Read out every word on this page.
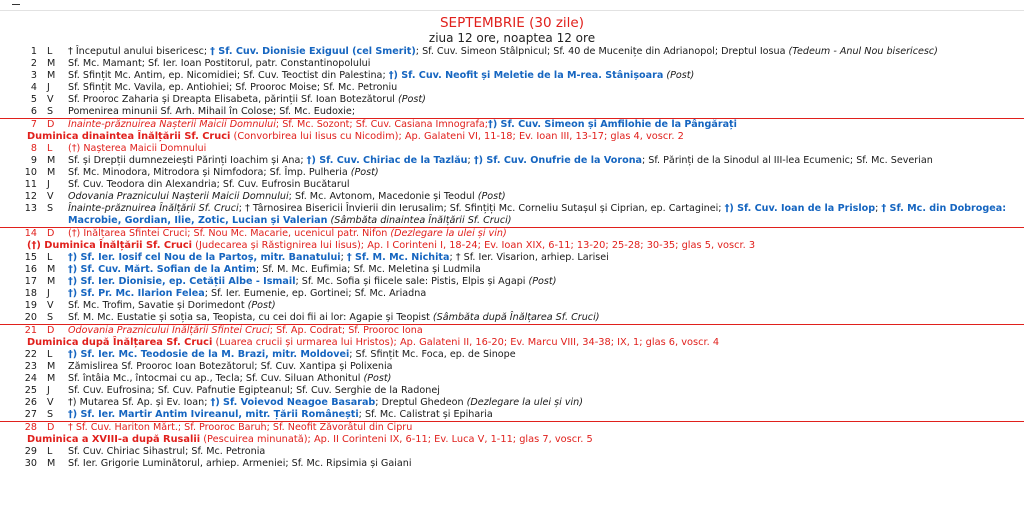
SEPTEMBRIE (30 zile)
ziua 12 ore, noaptea 12 ore
1 L † Începutul anului bisericesc; † Sf. Cuv. Dionisie Exiguul (cel Smerit); Sf. Cuv. Simeon Stâlpnicul; Sf. 40 de Mucenițe din Adrianopol; Dreptul Iosua (Tedeum - Anul Nou bisericesc)
2 M Sf. Mc. Mamant; Sf. Ier. Ioan Postitorul, patr. Constantinopolului
3 M Sf. Sfințit Mc. Antim, ep. Nicomidiei; Sf. Cuv. Teoctist din Palestina; †) Sf. Cuv. Neofit și Meletie de la M-rea. Stânișoara (Post)
4 J Sf. Sfințit Mc. Vavila, ep. Antiohiei; Sf. Prooroc Moise; Sf. Mc. Petroniu
5 V Sf. Prooroc Zaharia și Dreapta Elisabeta, părinții Sf. Ioan Botezătorul (Post)
6 S Pomenirea minunii Sf. Arh. Mihail în Colose; Sf. Mc. Eudoxie;
7 D Înainte-prăznuirea Nașterii Maicii Domnului; Sf. Mc. Sozont; Sf. Cuv. Casiana Imnografa;†) Sf. Cuv. Simeon și Amfilohie de la Pângărați
Duminica dinaintea Înălțării Sf. Cruci (Convorbirea lui Iisus cu Nicodim); Ap. Galateni VI, 11-18; Ev. Ioan III, 13-17; glas 4, voscr. 2
8 L (†) Nașterea Maicii Domnului
9 M Sf. și Drepții dumnezeiești Părinți Ioachim și Ana; †) Sf. Cuv. Chiriac de la Tazlău; †) Sf. Cuv. Onufrie de la Vorona; Sf. Părinți de la Sinodul al III-lea Ecumenic; Sf. Mc. Severian
10 M Sf. Mc. Minodora, Mitrodora și Nimfodora; Sf. Împ. Pulheria (Post)
11 J Sf. Cuv. Teodora din Alexandria; Sf. Cuv. Eufrosin Bucătarul
12 V Odovania Praznicului Nașterii Maicii Domnului; Sf. Mc. Avtonom, Macedonie și Teodul (Post)
13 S Înainte-prăznuirea Înălțării Sf. Cruci; † Târnosirea Bisericii Învierii din Ierusalim; Sf. Sfințiți Mc. Corneliu Sutașul și Ciprian, ep. Cartaginei; †) Sf. Cuv. Ioan de la Prislop; † Sf. Mc. din Dobrogea: Macrobie, Gordian, Ilie, Zotic, Lucian și Valerian (Sâmbăta dinaintea Înălțării Sf. Cruci)
14 D (†) Înălțarea Sfintei Cruci; Sf. Nou Mc. Macarie, ucenicul patr. Nifon (Dezlegare la ulei și vin)
(†) Duminica Înălțării Sf. Cruci (Judecarea și Răstignirea lui Iisus); Ap. I Corinteni I, 18-24; Ev. Ioan XIX, 6-11; 13-20; 25-28; 30-35; glas 5, voscr. 3
15 L †) Sf. Ier. Iosif cel Nou de la Partoș, mitr. Banatului; † Sf. M. Mc. Nichita; † Sf. Ier. Visarion, arhiep. Larisei
16 M †) Sf. Cuv. Mărt. Sofian de la Antim; Sf. M. Mc. Eufimia; Sf. Mc. Meletina și Ludmila
17 M †) Sf. Ier. Dionisie, ep. Cetății Albe - Ismail; Sf. Mc. Sofia și fiicele sale: Pistis, Elpis și Agapi (Post)
18 J †) Sf. Pr. Mc. Ilarion Felea; Sf. Ier. Eumenie, ep. Gortinei; Sf. Mc. Ariadna
19 V Sf. Mc. Trofim, Savatie și Dorimedont (Post)
20 S Sf. M. Mc. Eustatie și soția sa, Teopista, cu cei doi fii ai lor: Agapie și Teopist (Sâmbăta după Înălțarea Sf. Cruci)
21 D Odovania Praznicului Înălțării Sfintei Cruci; Sf. Ap. Codrat; Sf. Prooroc Iona
Duminica după Înălțarea Sf. Cruci (Luarea crucii și urmarea lui Hristos); Ap. Galateni II, 16-20; Ev. Marcu VIII, 34-38; IX, 1; glas 6, voscr. 4
22 L †) Sf. Ier. Mc. Teodosie de la M. Brazi, mitr. Moldovei; Sf. Sfințit Mc. Foca, ep. de Sinope
23 M Zămislirea Sf. Prooroc Ioan Botezătorul; Sf. Cuv. Xantipa și Polixenia
24 M Sf. întâia Mc., întocmai cu ap., Tecla; Sf. Cuv. Siluan Athonitul (Post)
25 J Sf. Cuv. Eufrosina; Sf. Cuv. Pafnutie Egipteanul; Sf. Cuv. Serghie de la Radonej
26 V †) Mutarea Sf. Ap. și Ev. Ioan; †) Sf. Voievod Neagoe Basarab; Dreptul Ghedeon (Dezlegare la ulei și vin)
27 S †) Sf. Ier. Martir Antim Ivireanul, mitr. Țării Românești; Sf. Mc. Calistrat și Epiharia
28 D † Sf. Cuv. Hariton Mărt.; Sf. Prooroc Baruh; Sf. Neofit Zăvorâtul din Cipru
Duminica a XVIII-a după Rusalii (Pescuirea minunată); Ap. II Corinteni IX, 6-11; Ev. Luca V, 1-11; glas 7, voscr. 5
29 L Sf. Cuv. Chiriac Sihastrul; Sf. Mc. Petronia
30 M Sf. Ier. Grigorie Luminătorul, arhiep. Armeniei; Sf. Mc. Ripsimia și Gaiani
